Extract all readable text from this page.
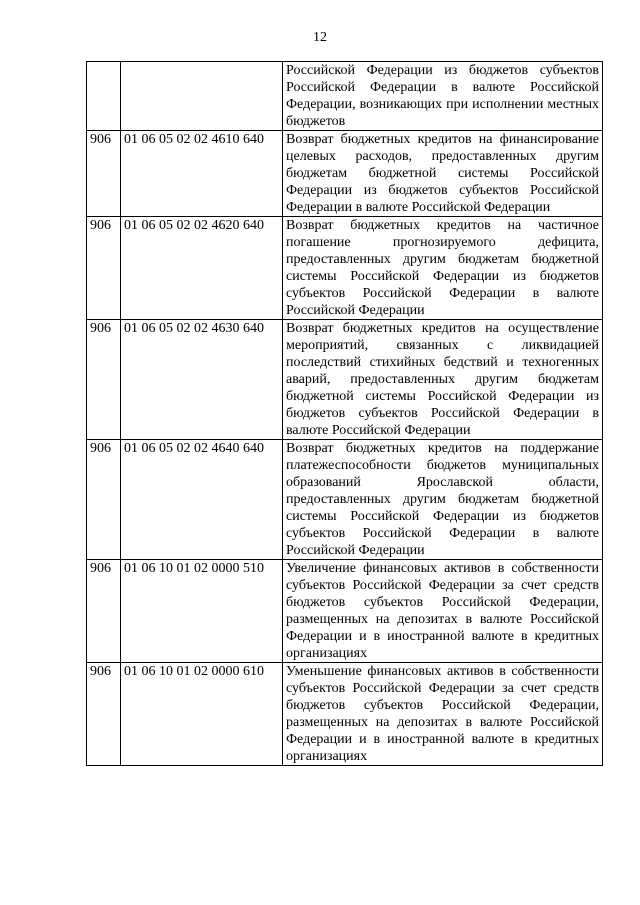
12
		Российской Федерации из бюджетов субъектов Российской Федерации в валюте Российской Федерации, возникающих при исполнении местных бюджетов
906	01 06 05 02 02 4610 640	Возврат бюджетных кредитов на финансирование целевых расходов, предоставленных другим бюджетам бюджетной системы Российской Федерации из бюджетов субъектов Российской Федерации в валюте Российской Федерации
906	01 06 05 02 02 4620 640	Возврат бюджетных кредитов на частичное погашение прогнозируемого дефицита, предоставленных другим бюджетам бюджетной системы Российской Федерации из бюджетов субъектов Российской Федерации в валюте Российской Федерации
906	01 06 05 02 02 4630 640	Возврат бюджетных кредитов на осуществление мероприятий, связанных с ликвидацией последствий стихийных бедствий и техногенных аварий, предоставленных другим бюджетам бюджетной системы Российской Федерации из бюджетов субъектов Российской Федерации в валюте Российской Федерации
906	01 06 05 02 02 4640 640	Возврат бюджетных кредитов на поддержание платежеспособности бюджетов муниципальных образований Ярославской области, предоставленных другим бюджетам бюджетной системы Российской Федерации из бюджетов субъектов Российской Федерации в валюте Российской Федерации
906	01 06 10 01 02 0000 510	Увеличение финансовых активов в собственности субъектов Российской Федерации за счет средств бюджетов субъектов Российской Федерации, размещенных на депозитах в валюте Российской Федерации и в иностранной валюте в кредитных организациях
906	01 06 10 01 02 0000 610	Уменьшение финансовых активов в собственности субъектов Российской Федерации за счет средств бюджетов субъектов Российской Федерации, размещенных на депозитах в валюте Российской Федерации и в иностранной валюте в кредитных организациях
